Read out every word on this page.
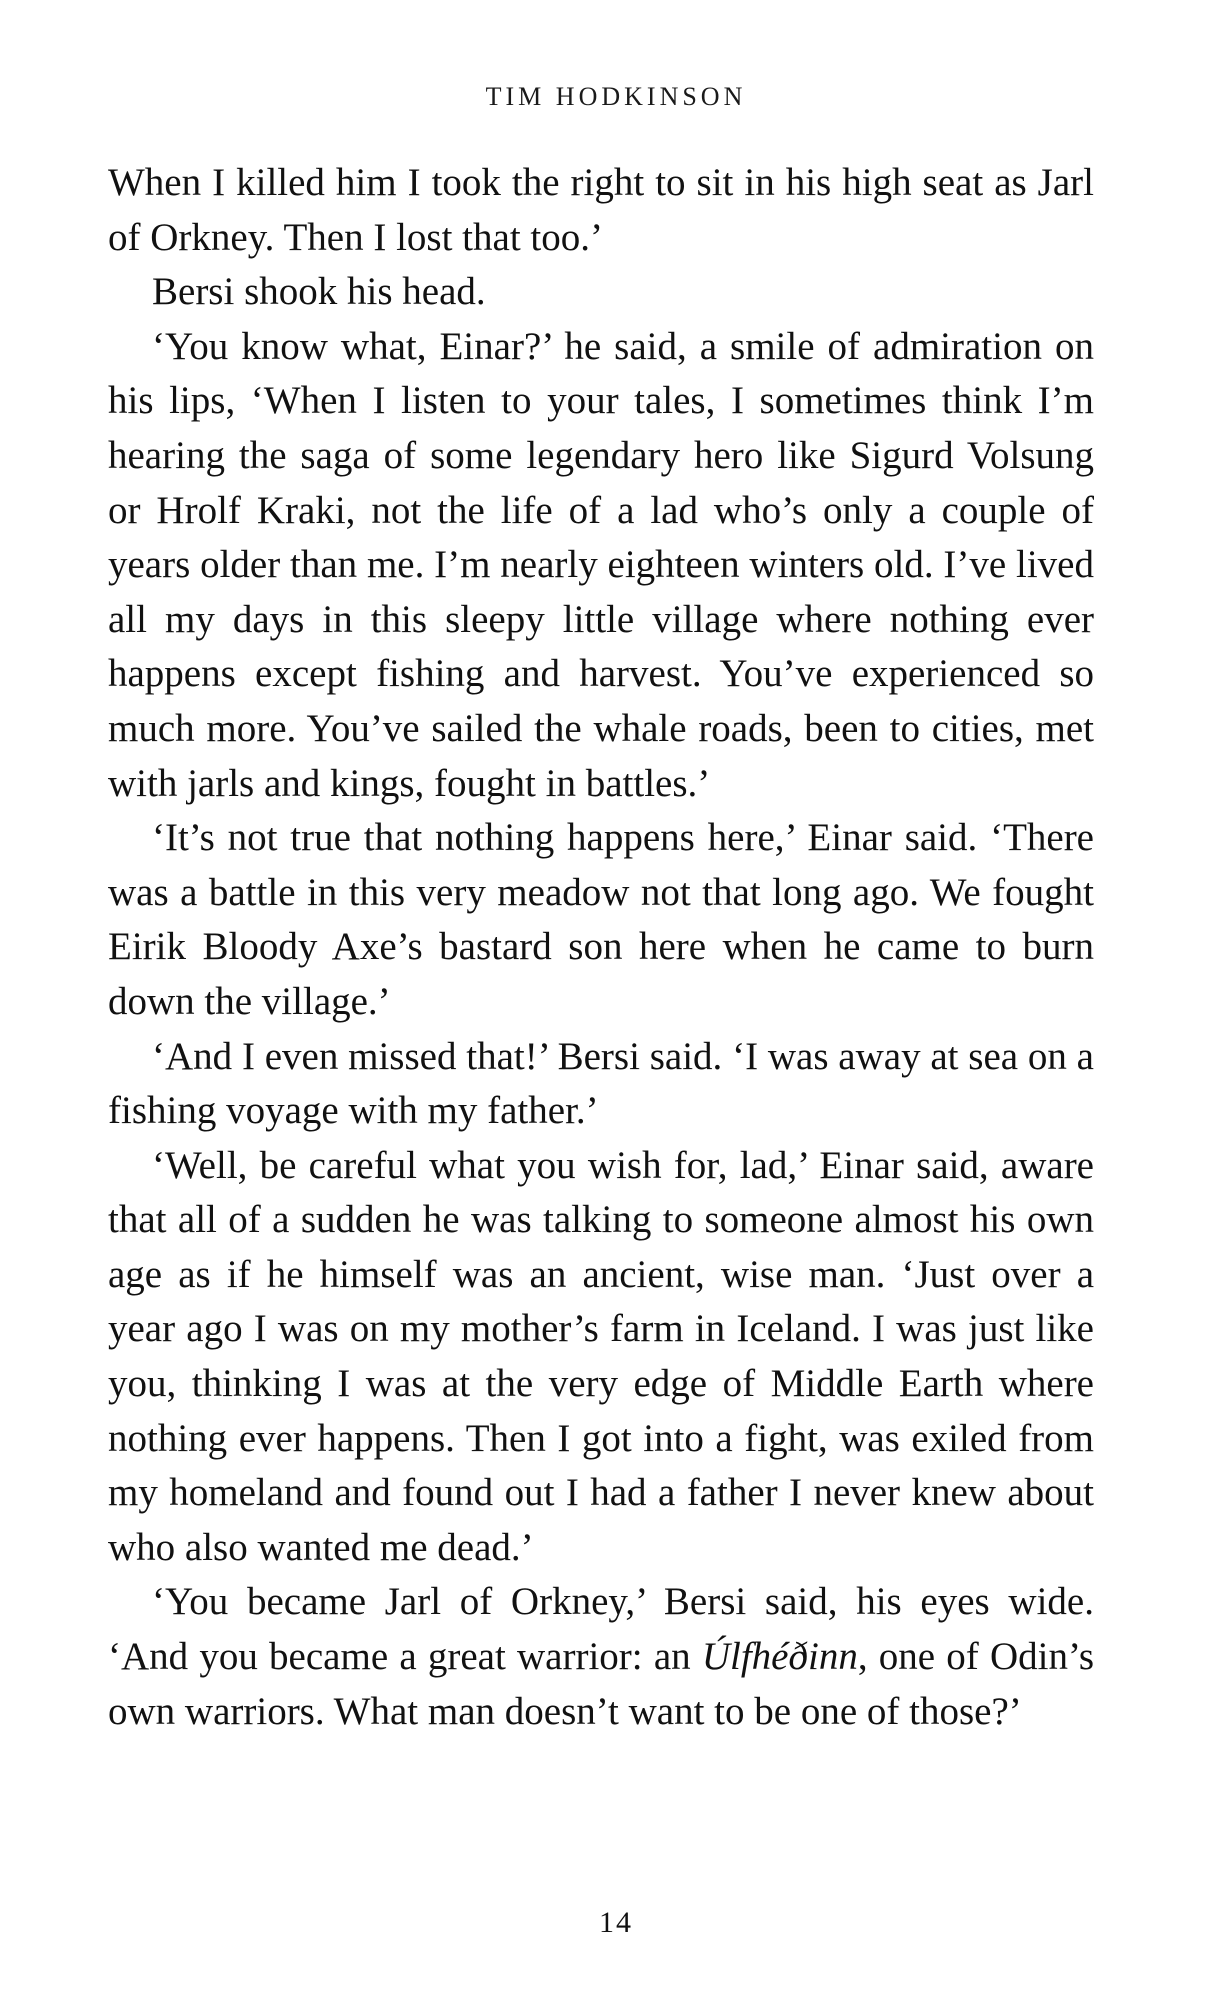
TIM HODKINSON

When I killed him I took the right to sit in his high seat as Jarl of Orkney. Then I lost that too.’

Bersi shook his head.

‘You know what, Einar?’ he said, a smile of admiration on his lips, ‘When I listen to your tales, I sometimes think I’m hearing the saga of some legendary hero like Sigurd Volsung or Hrolf Kraki, not the life of a lad who’s only a couple of years older than me. I’m nearly eighteen winters old. I’ve lived all my days in this sleepy little village where nothing ever happens except fishing and harvest. You’ve experienced so much more. You’ve sailed the whale roads, been to cities, met with jarls and kings, fought in battles.’

‘It’s not true that nothing happens here,’ Einar said. ‘There was a battle in this very meadow not that long ago. We fought Eirik Bloody Axe’s bastard son here when he came to burn down the village.’

‘And I even missed that!’ Bersi said. ‘I was away at sea on a fishing voyage with my father.’

‘Well, be careful what you wish for, lad,’ Einar said, aware that all of a sudden he was talking to someone almost his own age as if he himself was an ancient, wise man. ‘Just over a year ago I was on my mother’s farm in Iceland. I was just like you, thinking I was at the very edge of Middle Earth where nothing ever happens. Then I got into a fight, was exiled from my homeland and found out I had a father I never knew about who also wanted me dead.’

‘You became Jarl of Orkney,’ Bersi said, his eyes wide. ‘And you became a great warrior: an Úlfhéðinn, one of Odin’s own warriors. What man doesn’t want to be one of those?’

14
